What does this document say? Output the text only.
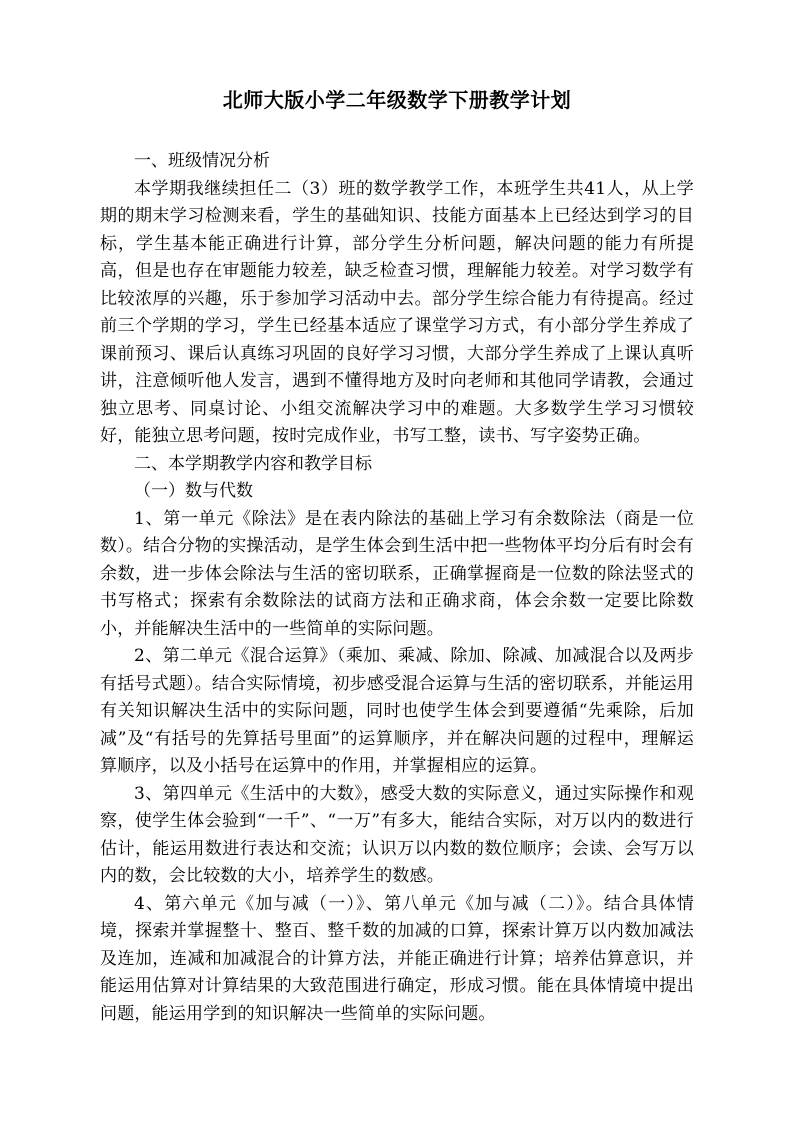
北师大版小学二年级数学下册教学计划
一、班级情况分析

本学期我继续担任二（3）班的数学教学工作，本班学生共41人，从上学期的期末学习检测来看，学生的基础知识、技能方面基本上已经达到学习的目标，学生基本能正确进行计算，部分学生分析问题，解决问题的能力有所提高，但是也存在审题能力较差，缺乏检查习惯，理解能力较差。对学习数学有比较浓厚的兴趣，乐于参加学习活动中去。部分学生综合能力有待提高。经过前三个学期的学习，学生已经基本适应了课堂学习方式，有小部分学生养成了课前预习、课后认真练习巩固的良好学习习惯，大部分学生养成了上课认真听讲，注意倾听他人发言，遇到不懂得地方及时向老师和其他同学请教，会通过独立思考、同桌讨论、小组交流解决学习中的难题。大多数学生学习习惯较好，能独立思考问题，按时完成作业，书写工整，读书、写字姿势正确。

二、本学期教学内容和教学目标
（一）数与代数

1、第一单元《除法》是在表内除法的基础上学习有余数除法（商是一位数）。结合分物的实操活动，是学生体会到生活中把一些物体平均分后有时会有余数，进一步体会除法与生活的密切联系，正确掌握商是一位数的除法竖式的书写格式；探索有余数除法的试商方法和正确求商，体会余数一定要比除数小，并能解决生活中的一些简单的实际问题。

2、第二单元《混合运算》（乘加、乘减、除加、除减、加减混合以及两步有括号式题）。结合实际情境，初步感受混合运算与生活的密切联系，并能运用有关知识解决生活中的实际问题，同时也使学生体会到要遵循“先乘除，后加减”及“有括号的先算括号里面”的运算顺序，并在解决问题的过程中，理解运算顺序，以及小括号在运算中的作用，并掌握相应的运算。

3、第四单元《生活中的大数》，感受大数的实际意义，通过实际操作和观察，使学生体会验到“一千”、“一万”有多大，能结合实际，对万以内的数进行估计，能运用数进行表达和交流；认识万以内数的数位顺序；会读、会写万以内的数，会比较数的大小，培养学生的数感。

4、第六单元《加与减（一）》、第八单元《加与减（二）》。结合具体情境，探索并掌握整十、整百、整千数的加减的口算，探索计算万以内数加减法及连加，连减和加减混合的计算方法，并能正确进行计算；培养估算意识，并能运用估算对计算结果的大致范围进行确定，形成习惯。能在具体情境中提出问题，能运用学到的知识解决一些简单的实际问题。
